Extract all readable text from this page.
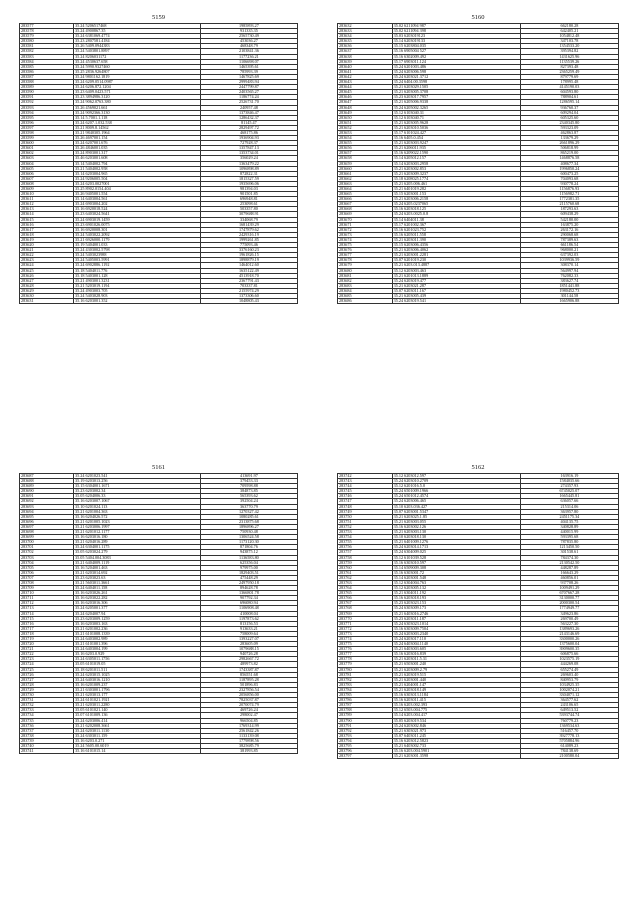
5159
283577	35.24 5206517468	1985893.27
283578	35.24 4900867.35	931335.35
283579	35.24 6381069.4774	2565730.49
283580	35.23 2807581.4184	453036.27
283581	35.26 5409.0944383	468348.79
283582	35.24 5403801.8897	2103841.36
283583	35.24 8206031172	1177236.21
283584	35.24 4530637.658	1106698.07
283585	35.24 5990.9327460	1465395.61
283586	35.25 2836.9264807	785993.39
283587	35.24 9801162.1819	1467825.69
283588	35.24 6209.0514.0987	2999483.94
283589	35.24 6206.872.1204	2447799.87
283590	35.23 6409.0423.571	2403565.27
283591	35.23 3894986.3120	1186774.24
283592	35.24 9062.0763.380	2526731.70
283593	35.26 4569021.661	240957.48
283594	35.24 9092366.3130	1373846.47
283595	35.14 5.7001.1.118	1286432.37
283596	35.24 6207.1.032.538	81145.47
283597	35.21 8009.8.14562	2829497.72
283598	35.21 9840305.1964	468175.86
283599	35.26 4697001.154	1936904.93
283600	35.24 6207001.676	727928.37
283601	35.26 4846001.035	1357847.13
283602	35.24 8903001.317	1353734.01
283603	35.46 6203001.608	356029.24
283604	35.14 5404002.794	1363479.22
283605	35.21 5404002.958	1096898.89
283606	35.14 6203004.965	872822.31
283607	35.24 9206005.504	1815327.59
283608	35.24 6203.0027001	1935696.06
283609	35.25 8902.0154.404	981394.03
283610	35.26 9405001.554	901501.85
283611	35.14 6403004.561	696948.81
283612	35.24 6903004.202	253098.61
283613	35.16 6920018.524	503357.80
283614	35.23 6403024.5641	3079688.91
283615	35.24 6903019.1459	334068.79
283616	35.23 6901026.0075	1681439.29
283617	35.16 6920008.301	1747879.62
283618	35.24 5403022.2092	2429316.19
283619	35.21 6926000.1179	1999261.85
283620	35.19 5404001.033	775093.46
283621	35.24 4303002.5798	3376160.23
283622	35.24 5403023988	1961826.15
283623	35.24 5405003.5991	1898879.19
283624	35.24 6902886.1192	1464012.60
283625	35.18 5404011.776	1635122.49
283626	35.18 5403001.128	4513918.70
283627	35.21 4903001.3231	2367791.43
283628	35.21 5203019.1194	703337.81
283629	35.24 4903003.705	2155974.29
283630	35.24 5403028.903	1373306.60
283631	35.16 6203001.352	1048805.43
5160
283632	35.02 6211094 987	662180.28
283633	35.02 6211094 398	642405.21
283634	35.03 6203019123	1054812.48
283635	35.14 6203019133	347103.78
283636	35.15 6203804.035	1354533.20
283637	35.16 6905004 527	395394.82
283638	35.16 6302009.492	1431625.96
283639	35.17 6903011.124	1135539.26
283640	35.24 6201003.486	827393.48
283641	35.24 6203006.598	2365259.49
283642	35.24 6203021.3712	879779.69
283643	35.24 6404.00.3598	178995.48
283644	35.21 6203029.1505	4145190.03
283645	35.21 6203005.3708	604593.80
283646	35.23 6203017.7957	788904.61
283647	35.21 6205006.9338	1286595.14
283648	35.24 6205002.3265	936760.37
283649	35.12 6103040.31	609294.04
283650	35.12 6103040.71	605325.60
283651	35.21 6203005.9628	2340345.80
283652	35.21 6203010.5036	593323.09
283653	35.17 6101024.427	462863.87
283654	35.16 6405.0.454	133679.29
283655	35.21 6203003.9247	2661896.29
283656	35.21 6206011.935	506818.99
283657	35.16 6209022.1590	865219.00
283658	35.14 6205012.157	1468876.58
283659	35.14 6203003.2958	408677.34
283660	35.21 6203002.853	1996850.24
283661	35.21 6203009.3237	600473.25
283662	35.18 6208025.1774	704093.68
283663	35.21 6205.006.461	930778.24
283664	35.21 6401019.282	1156876.93
283665	35.15 6203001.153	1156982.71
283666	35.21 6203006.2158	1772381.35
283667	35.24 6205.0237065	2115760.68
283668	35.16 6203018.125	187293.63
283669	35.24 6203.0025.0.8	609438.29
283670	35.14 6404011.38	542180.00
283671	35.17 6201002.367	163875.20
283672	35.16 6201023.752	263172.16
283673	35.16 6205011.558	290068.68
283674	35.21 6203011.390	787389.63
283675	35.15 6203006.4356	661186.54
283676	35.21 6203006.4062	968000.21
283677	35.21 6203001.2281	637392.03
283678	35.07 6201019.230	1039936.59
283679	35.21 6203.013.4887	308370.14
283680	35.12 6203003.463	564997.94
283681	35.21 6201013.1889	762082.33
283682	35.24 6203019.477	383627.74
283683	35.21 6203021.287	1851441.88
283684	35.07 6203011.167	1980452.73
283685	35.21 6203005.439	301144.58
283686	35.24 6203019.541	1665906.88
5161
283687	35.24 6201023.541	413691.97
283688	35.19 6203013.256	379453.33
283689	35.15 6304001.1671	709598.88
283690	35.23 6203002.34	384873.85
283691	35.05 6204006.33	565393.62
283692	35.16 6203007.1067	392504.24
283693	35.10 6201024.113	363770.79
283694	35.21 6201004.363	1270327.42
283695	35.16 6204026.572	1080285.61
283696	35.21 6201005.1023	2313875.68
283697	35.21 6203006.1997	1896896.27
283698	35.21 6201012.1177	750930.48
283699	35.16 6203016.180	1306524.58
283700	35.21 6204016.289	1173120.30
283701	35.24 6304001.1175	871804.76
283702	35.05 6203024.279	943875.12
283703	35.05 5404.004.3083	1136583.80
283704	35.21 6404009.1119	625356.04
283705	35.16 5204001.463	979975.00
283706	35.21 6203014.692	1829403.51
283707	35.23 6203023.63	475448.29
283708	35.21 5603011.3661	2497950.18
283709	35.24 6404011.158	894628.78
283710	35.16 6203026.261	1366801.78
283711	35.16 6203022.282	907792.34
283712	35.16 6203016.306	696080.94
283713	35.24 6205001.377	1106908.48
283714	35.24 6204007.94	410008.04
283715	35.23 6203009.1259	1197873.62
283716	35.16 6203003.163	813156.53
283717	35.21 6201002.236	913633.21
283718	35.21 6101008.1339	758009.64
283719	35.24 6403002.989	1393227.07
283720	35.21 6101001.396	283605.09
283721	35.24 6403004.199	1079688.15
283722	35.16 6203.0.929	940726.28
283723	35.24 6305011.1756	2982667.72
283724	35.05 6101019.05	489973.82
283725	35.18 6201011.511	1743387.87
283726	35.24 6203015.1025	856551.68
283727	35.24 6403016.1210	1187895.28
283728	35.16 6201009.237	501896.83
283729	35.21 6303001.1796	2327856.54
283730	35.21 6203013.177	2056856.00
283731	35.24 6101021.1921	7825037.87
283732	35.21 6203011.2280	2070074.79
283733	35.05 6101021.140	469726.24
283734	35.07 6101009.136	298002.47
283735	35.24 6203006.414	966504.85
283736	35.21 6202008.3661	1769314.99
283737	35.24 6203011.1130	2561842.26
283738	35.24 6303011.159	1133139.08
283739	35.16 6203.0.271	1779898.56
283740	35.24 5605.00.6019	3825685.79
283741	35.16 6101015.14	381993.85
5162
283742	35.12 6203012.597	163916.19
283743	35.24 6203010.2709	1584035.66
283744	35.12 6201016.5.0	274357.93
283745	35.24 6501009.1966	6745025.07
283746	35.24 6501012.4574	1665445.81
283747	35.24 6203006.465	636057.66
283748	35.10 6203.036.427	215314.06
283749	35.07 6203001.5347	363957.80
283750	35.21 6203025.1.85	2451175.34
283751	35.21 6203003.055	404135.75
283752	35.16 6203002.126	340828.89
283753	35.21 6203003.130	440015.99
283754	35.10 6203018.130	593395.68
283755	35.21 6401009.1276	787835.80
283756	35.24 6203014.1713	1213450.50
283757	35.24 6304009.025	301538.61
283758	35.12 6101039.528	784374.30
283759	35.16 6303010.597	2130542.50
283760	35.14 6509009.308	448287.89
283761	35.16 6303001.72	166643.29
283762	35.14 6203001.548	460856.01
283763	35.12 6304004.763	937708.26
283764	35.12 6203005.132	1009491.29
283765	35.21 6304011.192	6707667.28
283766	35.16 6203018.193	3130000.77
283767	35.23 6203023.153	2000300.54
283768	35.24 6303009.173	1774949.77
283769	35.21 6403016.2746	349623.86
283770	35.23 6203011.187	269700.49
283771	35.24 6303023.1014	563227.30
283772	35.16 6303009.7504	1389693.26
283773	35.24 6203003.2340	2143146.69
283774	35.24 6203017.110	3300000.26
283775	35.24 6403004.1140	1375600.04
283776	35.21 6403003.605	3909600.35
283777	35.16 6203016.839	606875.66
283778	35.21 6203011.5.31	1023575.19
283779	35.21 6503001.240	444269.08
283780	35.21 6203009.2.79	655274.49
283781	35.21 6203019.515	269603.40
283782	35.21 6203001.440	840953.79
283783	35.21 6204001.147	1034925.35
283784	35.21 6203018.149	1002074.21
283785	35.16 6303013.1184	3304071.12
283786	35.16 6203011.415	364577.62
283787	35.16 6203.002.393	243106.65
283788	35.12 6503.004.775	649513.52
283789	35.14 6203.004.417	5393744.74
283790	35.05 6203019.534	760779.23
283791	35.24 6203002.846	1369534.63
283792	35.21 6303021.973	516457.70
283793	35.07 6403011.245	3927778.13
283794	35.16 6203012.5823	5705884.96
283795	35.21 6403002.733	614089.23
283796	35.16 6203.004.5901	784138.69
283797	35.21 6203001.3598	2100580.04
